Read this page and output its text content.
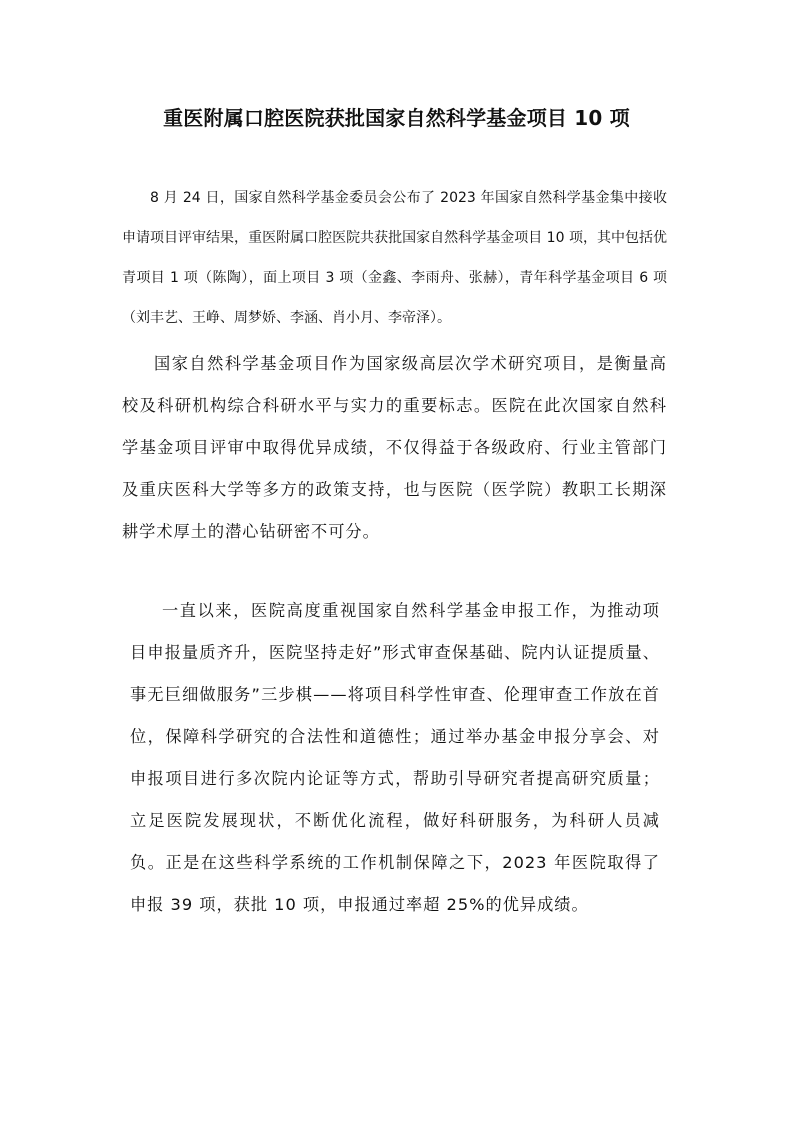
重医附属口腔医院获批国家自然科学基金项目 10 项

8 月 24 日，国家自然科学基金委员会公布了 2023 年国家自然科学基金集中接收申请项目评审结果，重医附属口腔医院共获批国家自然科学基金项目 10 项，其中包括优青项目 1 项（陈陶），面上项目 3 项（金鑫、李雨舟、张赫），青年科学基金项目 6 项（刘丰艺、王峥、周梦娇、李涵、肖小月、李帝泽）。

国家自然科学基金项目作为国家级高层次学术研究项目，是衡量高校及科研机构综合科研水平与实力的重要标志。医院在此次国家自然科学基金项目评审中取得优异成绩，不仅得益于各级政府、行业主管部门及重庆医科大学等多方的政策支持，也与医院（医学院）教职工长期深耕学术厚土的潜心钻研密不可分。

一直以来，医院高度重视国家自然科学基金申报工作，为推动项目申报量质齐升，医院坚持走好”形式审查保基础、院内认证提质量、事无巨细做服务”三步棋——将项目科学性审查、伦理审查工作放在首位，保障科学研究的合法性和道德性；通过举办基金申报分享会、对申报项目进行多次院内论证等方式，帮助引导研究者提高研究质量；立足医院发展现状，不断优化流程，做好科研服务，为科研人员减负。正是在这些科学系统的工作机制保障之下，2023 年医院取得了申报 39 项，获批 10 项，申报通过率超 25%的优异成绩。
